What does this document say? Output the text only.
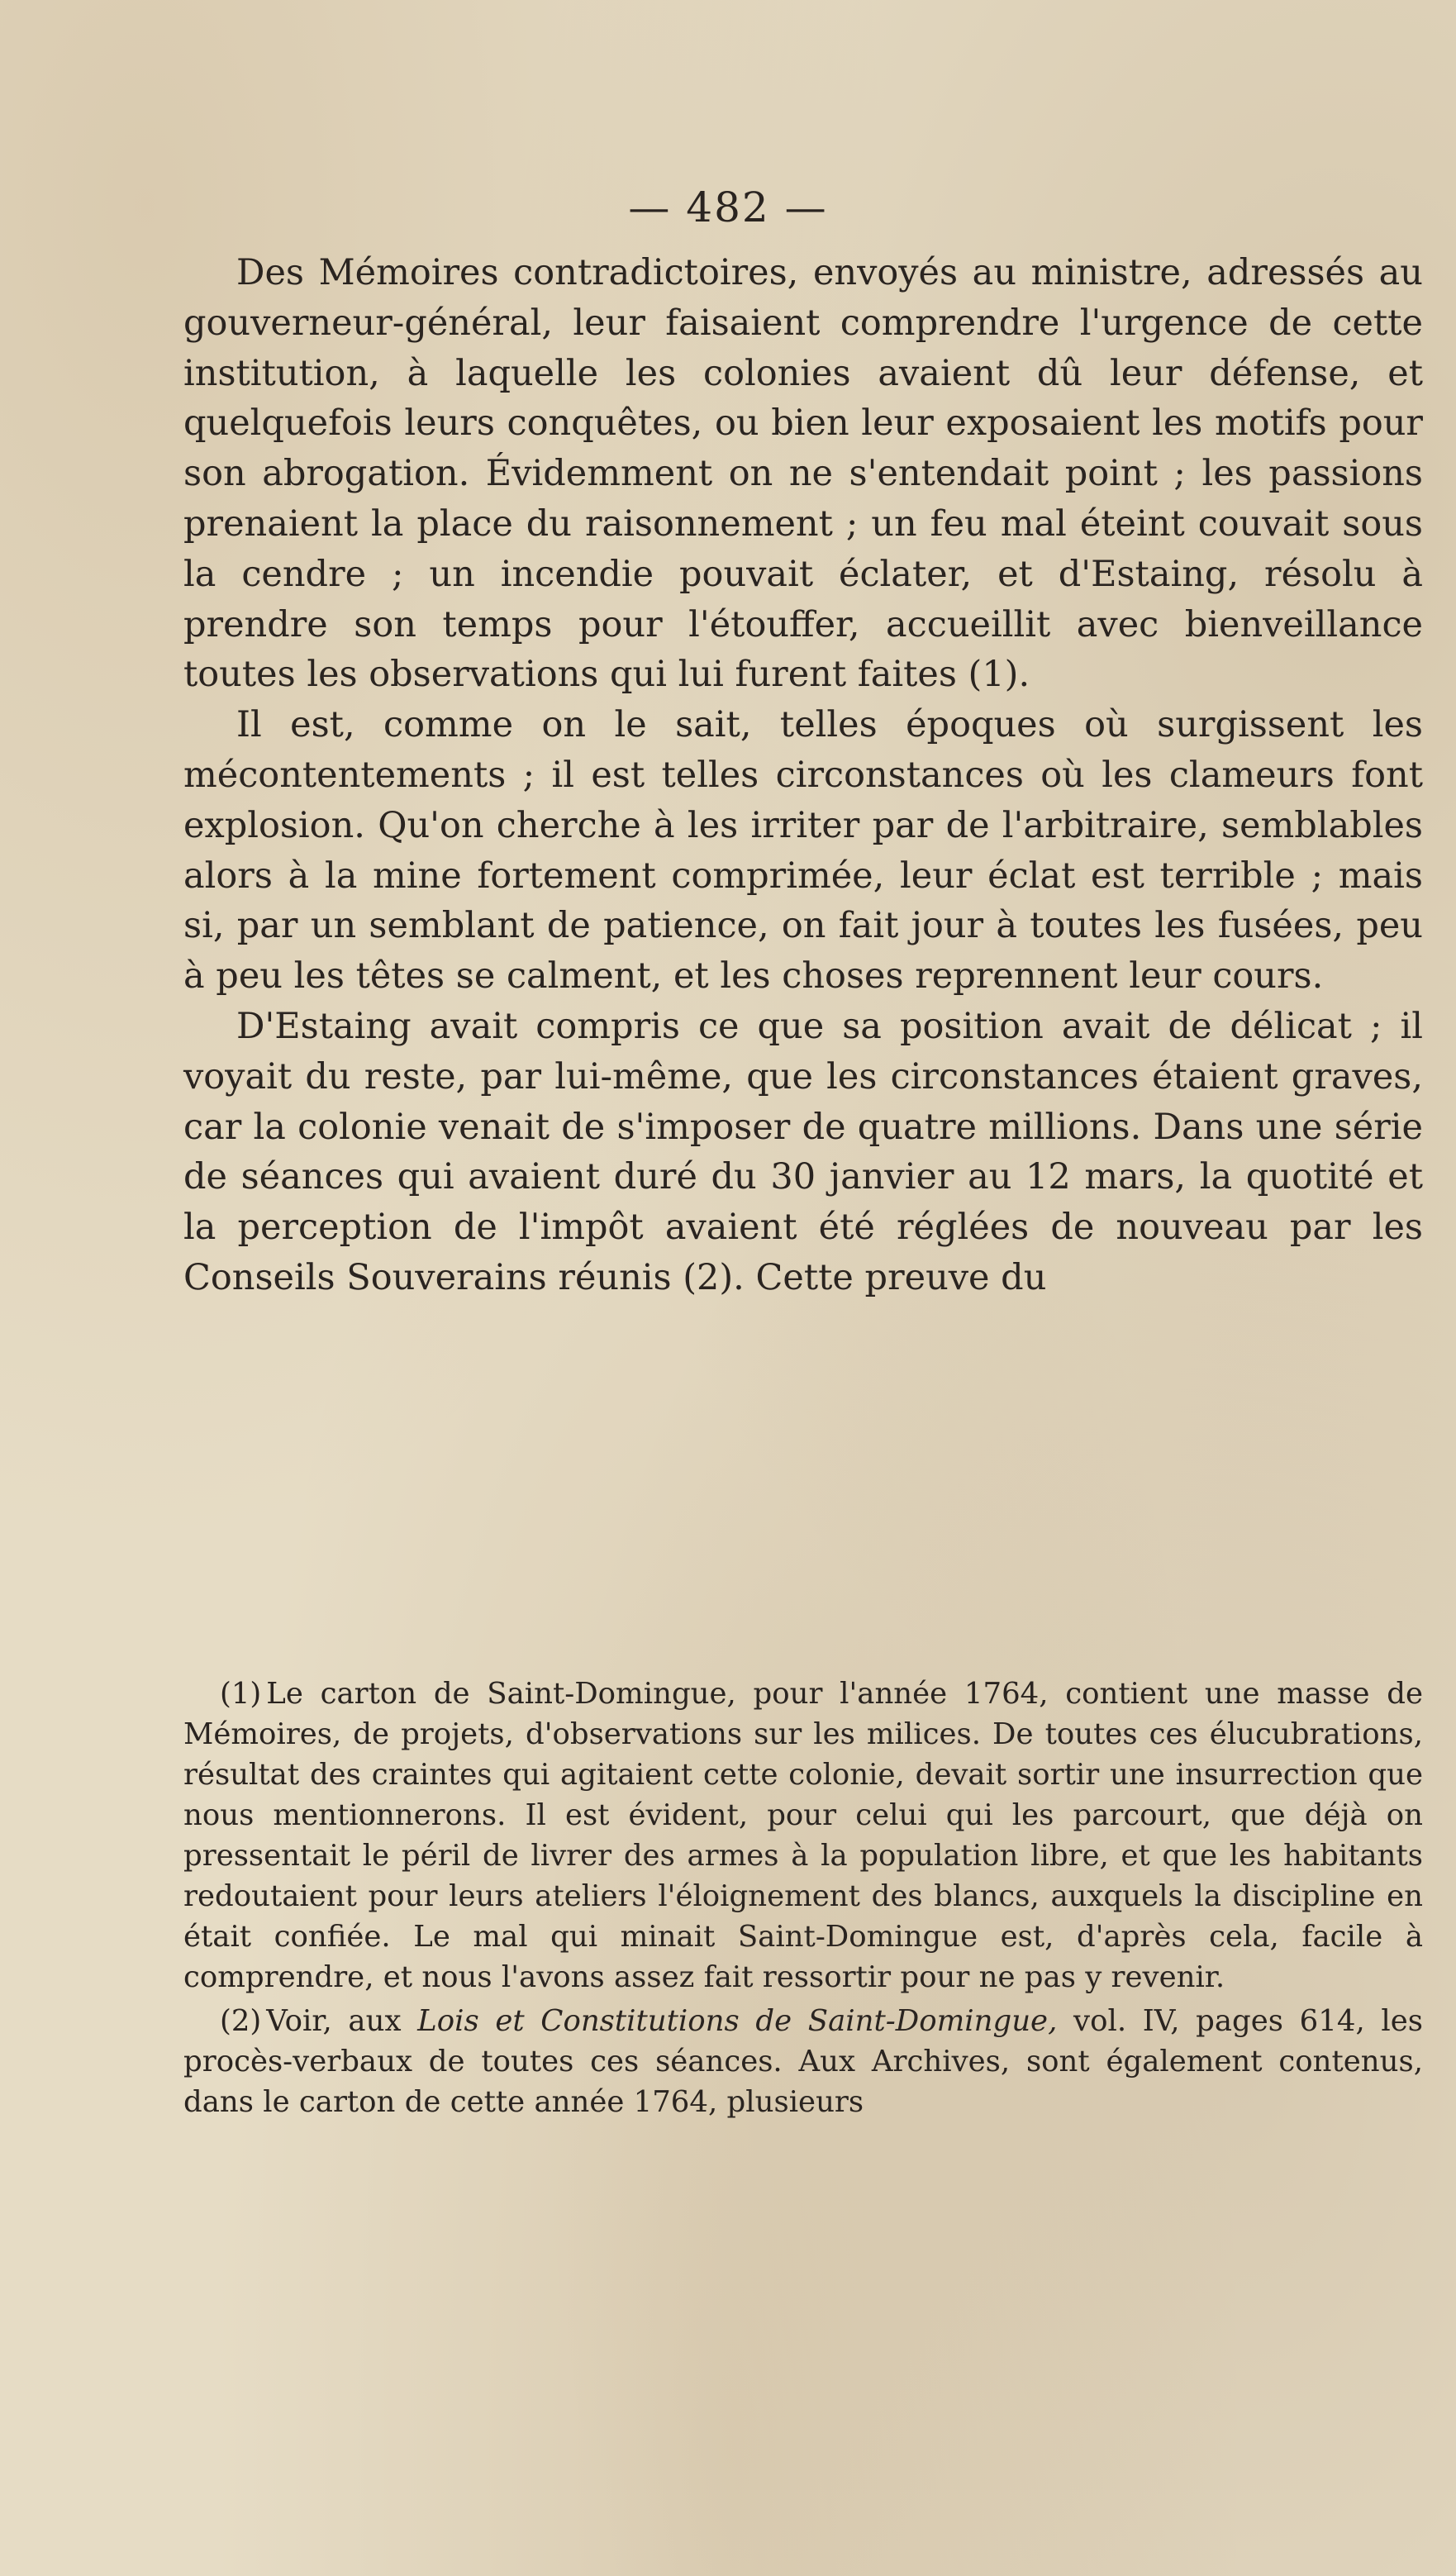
— 482 —

Des Mémoires contradictoires, envoyés au ministre, adressés au gouverneur-général, leur faisaient comprendre l'urgence de cette institution, à laquelle les colonies avaient dû leur défense, et quelquefois leurs conquêtes, ou bien leur exposaient les motifs pour son abrogation. Évidemment on ne s'entendait point ; les passions prenaient la place du raisonnement ; un feu mal éteint couvait sous la cendre ; un incendie pouvait éclater, et d'Estaing, résolu à prendre son temps pour l'étouffer, accueillit avec bienveillance toutes les observations qui lui furent faites (1).

Il est, comme on le sait, telles époques où surgissent les mécontentements ; il est telles circonstances où les clameurs font explosion. Qu'on cherche à les irriter par de l'arbitraire, semblables alors à la mine fortement comprimée, leur éclat est terrible ; mais si, par un semblant de patience, on fait jour à toutes les fusées, peu à peu les têtes se calment, et les choses reprennent leur cours.

D'Estaing avait compris ce que sa position avait de délicat ; il voyait du reste, par lui-même, que les circonstances étaient graves, car la colonie venait de s'imposer de quatre millions. Dans une série de séances qui avaient duré du 30 janvier au 12 mars, la quotité et la perception de l'impôt avaient été réglées de nouveau par les Conseils Souverains réunis (2). Cette preuve du

(1) Le carton de Saint-Domingue, pour l'année 1764, contient une masse de Mémoires, de projets, d'observations sur les milices. De toutes ces élucubrations, résultat des craintes qui agitaient cette colonie, devait sortir une insurrection que nous mentionnerons. Il est évident, pour celui qui les parcourt, que déjà on pressentait le péril de livrer des armes à la population libre, et que les habitants redoutaient pour leurs ateliers l'éloignement des blancs, auxquels la discipline en était confiée. Le mal qui minait Saint-Domingue est, d'après cela, facile à comprendre, et nous l'avons assez fait ressortir pour ne pas y revenir.

(2) Voir, aux Lois et Constitutions de Saint-Domingue, vol. IV, pages 614, les procès-verbaux de toutes ces séances. Aux Archives, sont également contenus, dans le carton de cette année 1764, plusieurs
